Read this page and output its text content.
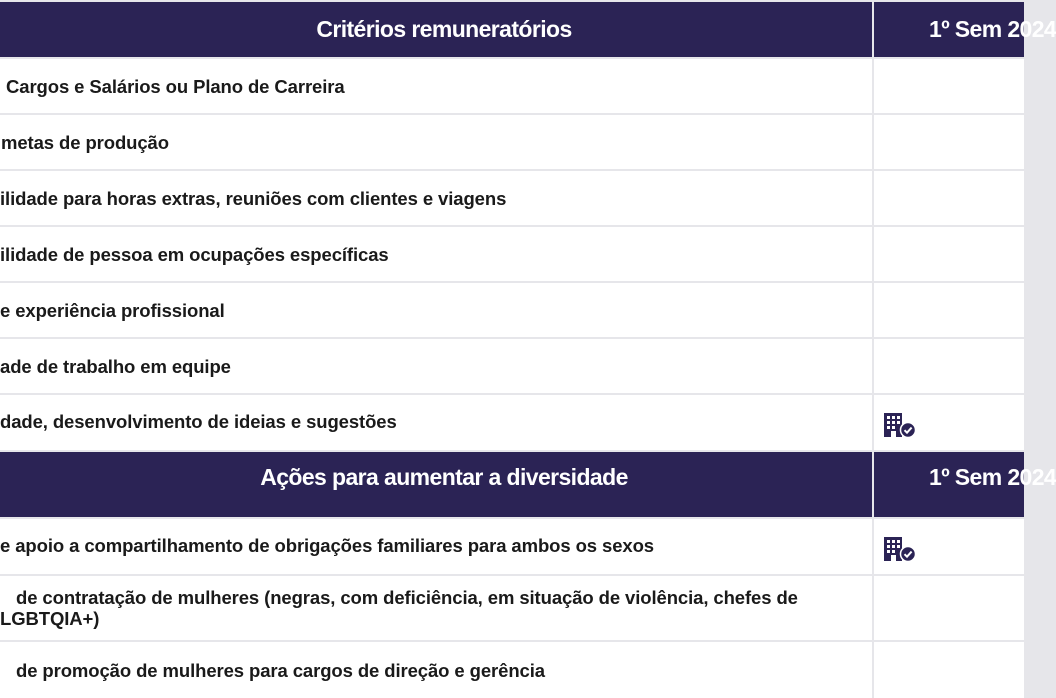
Critérios remuneratórios	1º Sem 2024
Cargos e Salários ou Plano de Carreira
metas de produção
ilidade para horas extras, reuniões com clientes e viagens
ilidade de pessoa em ocupações específicas
e experiência profissional
ade de trabalho em equipe
dade, desenvolvimento de ideias e sugestões
Ações para aumentar a diversidade	1º Sem 2024
e apoio a compartilhamento de obrigações familiares para ambos os sexos
de contratação de mulheres (negras, com deficiência, em situação de violência, chefes de
LGBTQIA+)
de promoção de mulheres para cargos de direção e gerência
